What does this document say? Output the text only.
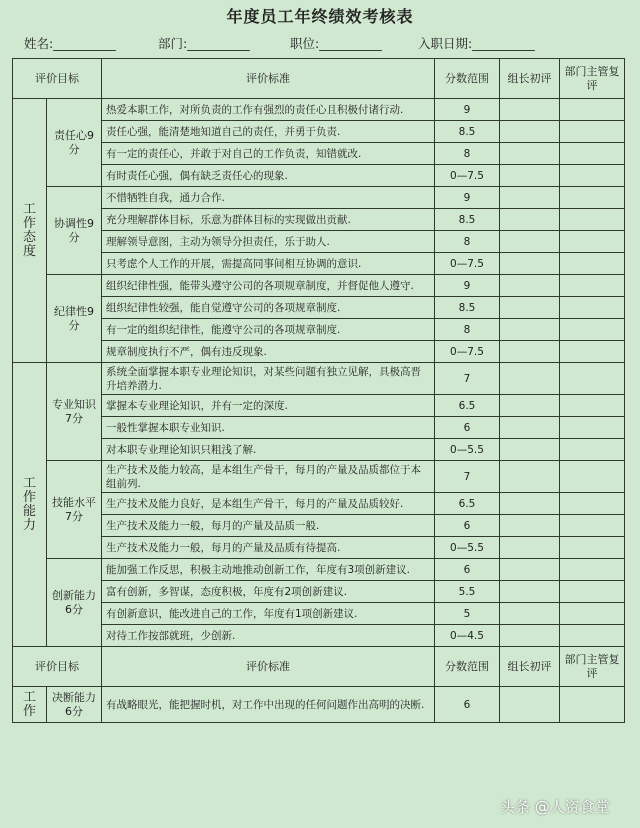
年度员工年终绩效考核表
姓名:__________	部门:__________	职位:__________	入职日期:__________
评价目标		评价标准	分数范围	组长初评	部门主管复评
工作态度	责任心9分	热爱本职工作，对所负责的工作有强烈的责任心且积极付诸行动.	9		
		责任心强，能清楚地知道自己的责任，并勇于负责.	8.5		
		有一定的责任心，并敢于对自己的工作负责，知错就改.	8		
		有时责任心强，偶有缺乏责任心的现象.	0—7.5		
	协调性9分	不惜牺牲自我，通力合作.	9		
		充分理解群体目标，乐意为群体目标的实现做出贡献.	8.5		
		理解领导意图，主动为领导分担责任，乐于助人.	8		
		只考虑个人工作的开展，需提高同事间相互协调的意识.	0—7.5		
	纪律性9分	组织纪律性强，能带头遵守公司的各项规章制度，并督促他人遵守.	9		
		组织纪律性较强，能自觉遵守公司的各项规章制度.	8.5		
		有一定的组织纪律性，能遵守公司的各项规章制度.	8		
		规章制度执行不严，偶有违反现象.	0—7.5		
工作能力	专业知识 7分	系统全面掌握本职专业理论知识，对某些问题有独立见解，具极高晋升培养潜力.	7		
		掌握本专业理论知识，并有一定的深度.	6.5		
		一般性掌握本职专业知识.	6		
		对本职专业理论知识只粗浅了解.	0—5.5		
	技能水平 7分	生产技术及能力较高，是本组生产骨干，每月的产量及品质都位于本组前列.	7		
		生产技术及能力良好，是本组生产骨干，每月的产量及品质较好.	6.5		
		生产技术及能力一般，每月的产量及品质一般.	6		
		生产技术及能力一般，每月的产量及品质有待提高.	0—5.5		
	创新能力6分	能加强工作反思，积极主动地推动创新工作，年度有3项创新建议.	6		
		富有创新，多智谋，态度积极，年度有2项创新建议.	5.5		
		有创新意识，能改进自己的工作，年度有1项创新建议.	5		
		对待工作按部就班，少创新.	0—4.5		
评价目标		评价标准	分数范围	组长初评	部门主管复评
工作	决断能力6分	有战略眼光，能把握时机，对工作中出现的任何问题作出高明的决断.	6		
头条 @人资食堂
